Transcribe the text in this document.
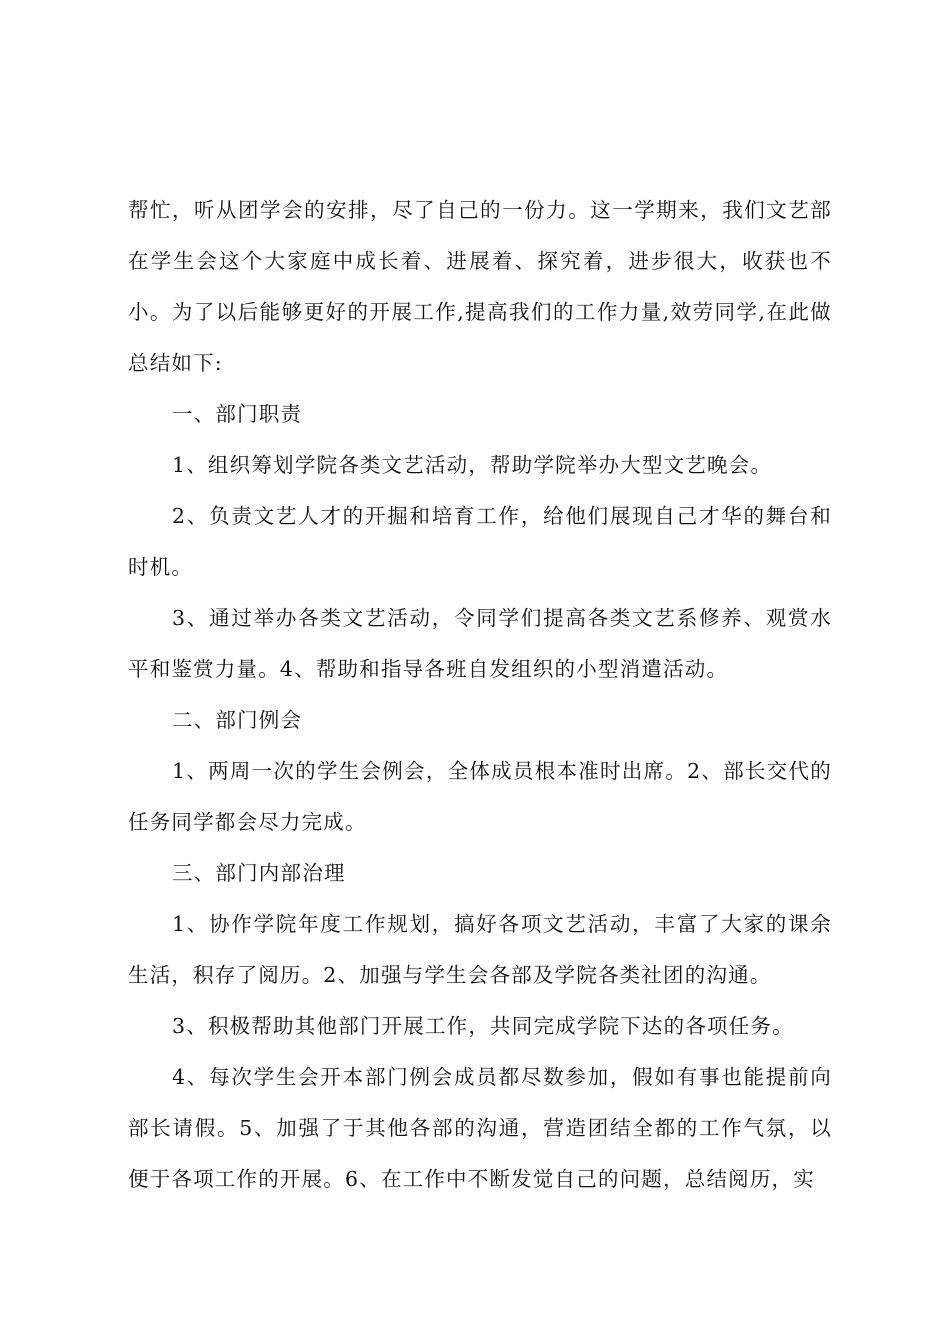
帮忙，听从团学会的安排，尽了自己的一份力。这一学期来，我们文艺部在学生会这个大家庭中成长着、进展着、探究着，进步很大，收获也不小。为了以后能够更好的开展工作,提高我们的工作力量,效劳同学,在此做总结如下:

一、部门职责

1、组织筹划学院各类文艺活动，帮助学院举办大型文艺晚会。

2、负责文艺人才的开掘和培育工作，给他们展现自己才华的舞台和时机。

3、通过举办各类文艺活动，令同学们提高各类文艺系修养、观赏水平和鉴赏力量。4、帮助和指导各班自发组织的小型消遣活动。

二、部门例会

1、两周一次的学生会例会，全体成员根本准时出席。2、部长交代的任务同学都会尽力完成。

三、部门内部治理

1、协作学院年度工作规划，搞好各项文艺活动，丰富了大家的课余生活，积存了阅历。2、加强与学生会各部及学院各类社团的沟通。

3、积极帮助其他部门开展工作，共同完成学院下达的各项任务。

4、每次学生会开本部门例会成员都尽数参加，假如有事也能提前向部长请假。5、加强了于其他各部的沟通，营造团结全都的工作气氛，以便于各项工作的开展。6、在工作中不断发觉自己的问题，总结阅历，实
